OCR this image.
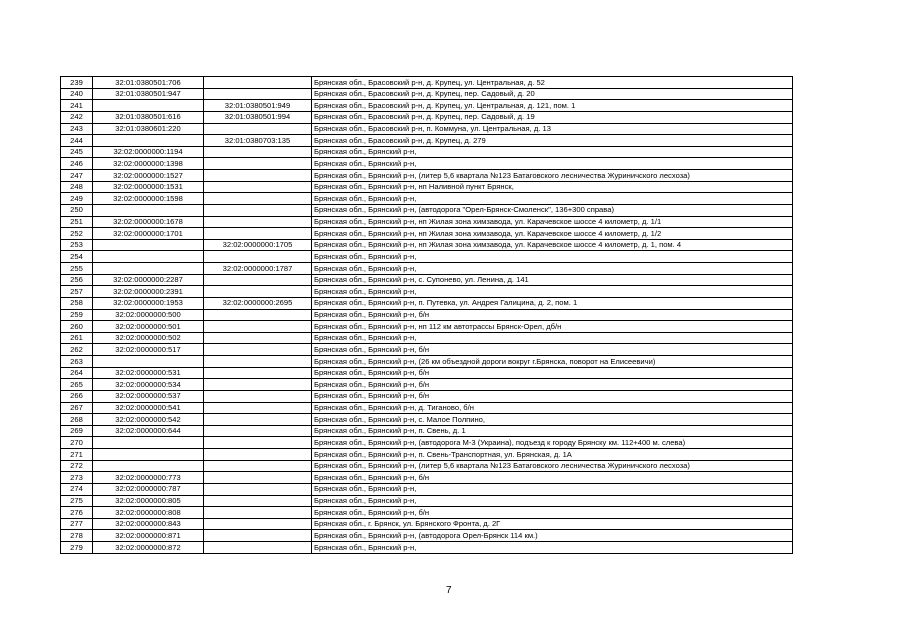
239	32:01:0380501:706		Брянская обл., Брасовский р-н, д. Крупец, ул. Центральная, д. 52
240	32:01:0380501:947		Брянская обл., Брасовский р-н, д. Крупец, пер. Садовый, д. 20
241		32:01:0380501:949	Брянская обл., Брасовский р-н, д. Крупец, ул. Центральная, д. 121, пом. 1
242	32:01:0380501:616	32:01:0380501:994	Брянская обл., Брасовский р-н, д. Крупец, пер. Садовый, д. 19
243	32:01:0380601:220		Брянская обл., Брасовский р-н, п. Коммуна, ул. Центральная, д. 13
244		32:01:0380703:135	Брянская обл., Брасовский р-н, д. Крупец, д. 279
245	32:02:0000000:1194		Брянская обл., Брянский р-н,
246	32:02:0000000:1398		Брянская обл., Брянский р-н,
247	32:02:0000000:1527		Брянская обл., Брянский р-н, (литер 5,6 квартала №123 Батаговского лесничества Журиничского лесхоза)
248	32:02:0000000:1531		Брянская обл., Брянский р-н, нп Наливной пункт Брянск,
249	32:02:0000000:1598		Брянская обл., Брянский р-н,
250			Брянская обл., Брянский р-н, (автодорога "Орел-Брянск-Смоленск", 136+300 справа)
251	32:02:0000000:1678		Брянская обл., Брянский р-н, нп Жилая зона химзавода, ул. Карачевское шоссе 4 километр, д. 1/1
252	32:02:0000000:1701		Брянская обл., Брянский р-н, нп Жилая зона химзавода, ул. Карачевское шоссе 4 километр, д. 1/2
253		32:02:0000000:1705	Брянская обл., Брянский р-н, нп Жилая зона химзавода, ул. Карачевское шоссе 4 километр, д. 1, пом. 4
254			Брянская обл., Брянский р-н,
255		32:02:0000000:1787	Брянская обл., Брянский р-н,
256	32:02:0000000:2287		Брянская обл., Брянский р-н, с. Супонево, ул. Ленина, д. 141
257	32:02:0000000:2391		Брянская обл., Брянский р-н,
258	32:02:0000000:1953	32:02:0000000:2695	Брянская обл., Брянский р-н, п. Путевка, ул. Андрея Галицина, д. 2, пом. 1
259	32:02:0000000:500		Брянская обл., Брянский р-н, б/н
260	32:02:0000000:501		Брянская обл., Брянский р-н, нп 112 км автотрассы Брянск-Орел, дб/н
261	32:02:0000000:502		Брянская обл., Брянский р-н,
262	32:02:0000000:517		Брянская обл., Брянский р-н, б/н
263			Брянская обл., Брянский р-н, (26 км объездной дороги вокруг г.Брянска, поворот на Елисеевичи)
264	32:02:0000000:531		Брянская обл., Брянский р-н, б/н
265	32:02:0000000:534		Брянская обл., Брянский р-н, б/н
266	32:02:0000000:537		Брянская обл., Брянский р-н, б/н
267	32:02:0000000:541		Брянская обл., Брянский р-н, д. Тиганово, б/н
268	32:02:0000000:542		Брянская обл., Брянский р-н, с. Малое Полпино,
269	32:02:0000000:644		Брянская обл., Брянский р-н, п. Свень, д. 1
270			Брянская обл., Брянский р-н, (автодорога М-3 (Украина), подъезд к городу Брянску км. 112+400 м. слева)
271			Брянская обл., Брянский р-н, п. Свень-Транспортная, ул. Брянская, д. 1А
272			Брянская обл., Брянский р-н, (литер 5,6 квартала №123 Батаговского лесничества Журиничского лесхоза)
273	32:02:0000000:773		Брянская обл., Брянский р-н, б/н
274	32:02:0000000:787		Брянская обл., Брянский р-н,
275	32:02:0000000:805		Брянская обл., Брянский р-н,
276	32:02:0000000:808		Брянская обл., Брянский р-н, б/н
277	32:02:0000000:843		Брянская обл., г. Брянск, ул. Брянского Фронта, д. 2Г
278	32:02:0000000:871		Брянская обл., Брянский р-н, (автодорога Орел-Брянск 114 км.)
279	32:02:0000000:872		Брянская обл., Брянский р-н,
7
